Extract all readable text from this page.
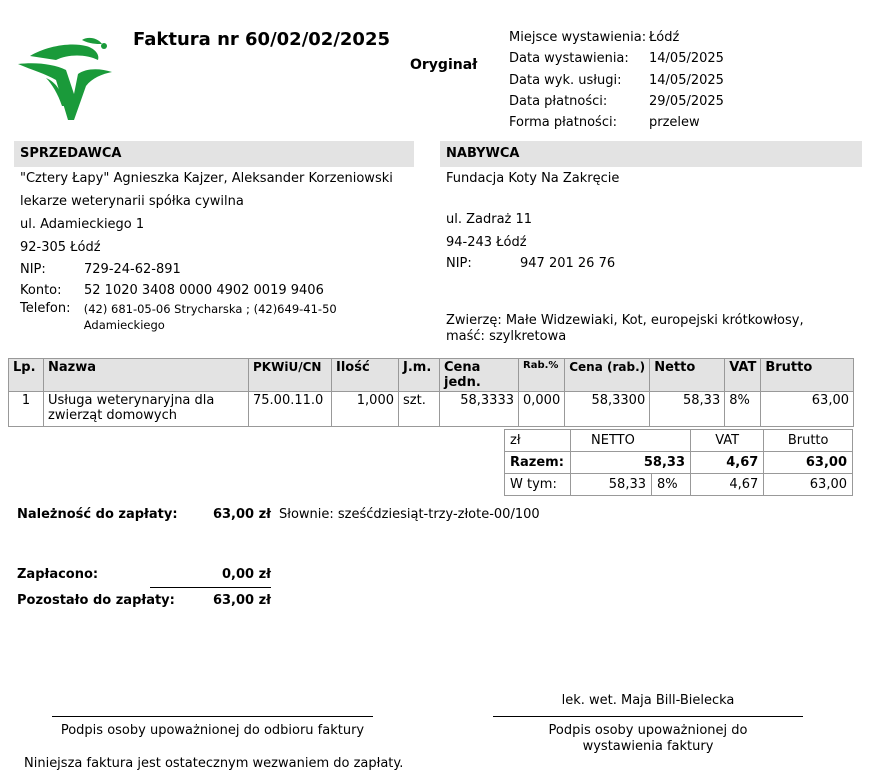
Faktura nr 60/02/02/2025
Oryginał
Miejsce wystawienia: Łódź
Data wystawienia:	14/05/2025
Data wyk. usługi:	14/05/2025
Data płatności:	29/05/2025
Forma płatności:	przelew
SPRZEDAWCA
"Cztery Łapy" Agnieszka Kajzer, Aleksander Korzeniowski
lekarze weterynarii spółka cywilna
ul. Adamieckiego 1
92-305 Łódź
NIP:	729-24-62-891
Konto:	52 1020 3408 0000 4902 0019 9406
Telefon:	(42) 681-05-06 Strycharska ; (42)649-41-50 Adamieckiego
NABYWCA
Fundacja Koty Na Zakręcie
ul. Zadraż 11
94-243 Łódź
NIP:	947 201 26 76
Zwierzę: Małe Widzewiaki, Kot, europejski krótkowłosy, maść: szylkretowa
Lp.	Nazwa	PKWiU/CN	Ilość	J.m.	Cena jedn.	Rab.%	Cena (rab.)	Netto	VAT	Brutto
1	Usługa weterynaryjna dla zwierząt domowych	75.00.11.0	1,000	szt.	58,3333	0,000	58,3300	58,33	8%	63,00
zł	NETTO		VAT	Brutto
Razem:	58,33		4,67	63,00
W tym:	58,33	8%	4,67	63,00
Należność do zapłaty:	63,00 zł Słownie: sześćdziesiąt-trzy-złote-00/100
Zapłacono:	0,00 zł
Pozostało do zapłaty:	63,00 zł
lek. wet. Maja Bill-Bielecka
Podpis osoby upoważnionej do odbioru faktury	Podpis osoby upoważnionej do wystawienia faktury
Niniejsza faktura jest ostatecznym wezwaniem do zapłaty.
